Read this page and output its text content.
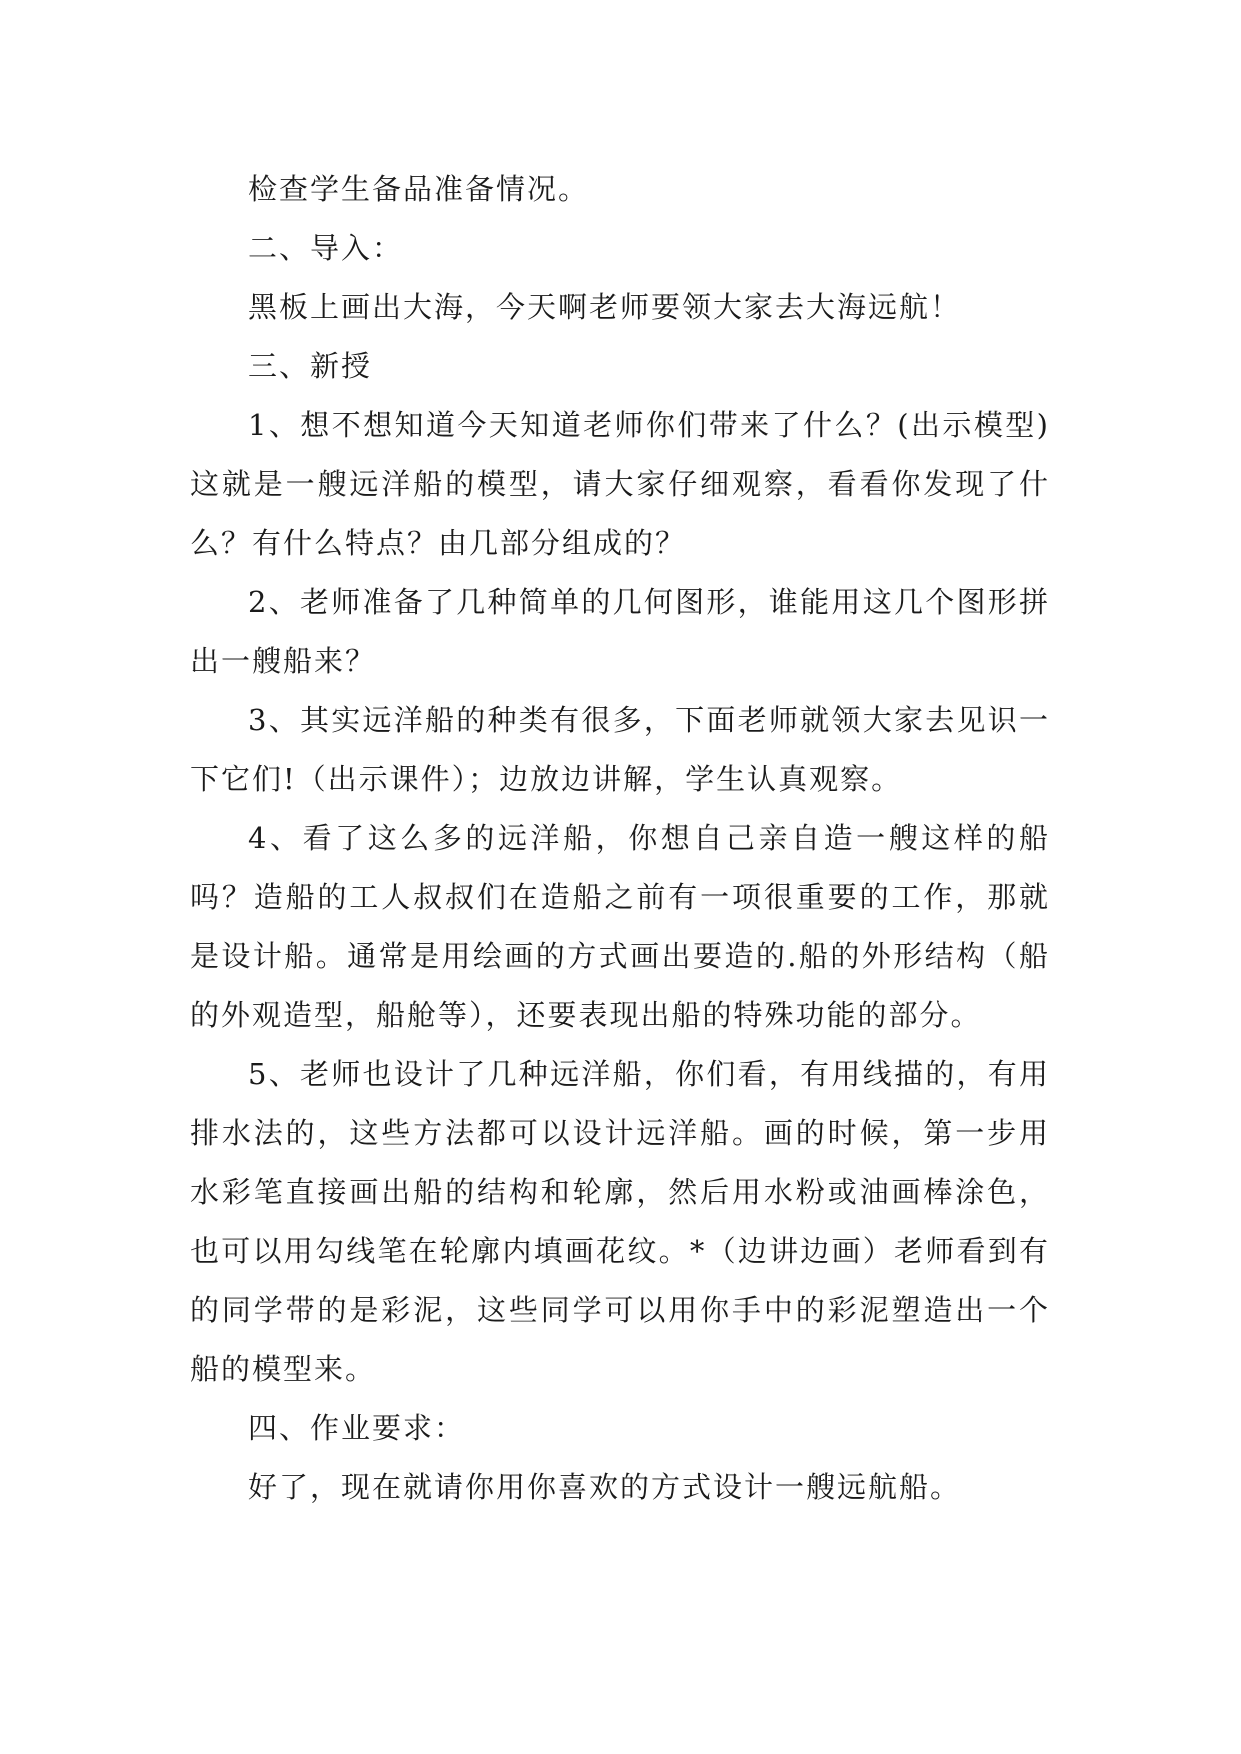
检查学生备品准备情况。

二、导入：

黑板上画出大海，今天啊老师要领大家去大海远航！

三、新授

1、想不想知道今天知道老师你们带来了什么？(出示模型)这就是一艘远洋船的模型，请大家仔细观察，看看你发现了什么？有什么特点？由几部分组成的？

2、老师准备了几种简单的几何图形，谁能用这几个图形拼出一艘船来？

3、其实远洋船的种类有很多，下面老师就领大家去见识一下它们!（出示课件）；边放边讲解，学生认真观察。

4、看了这么多的远洋船，你想自己亲自造一艘这样的船吗？造船的工人叔叔们在造船之前有一项很重要的工作，那就是设计船。通常是用绘画的方式画出要造的.船的外形结构（船的外观造型，船舱等），还要表现出船的特殊功能的部分。

5、老师也设计了几种远洋船，你们看，有用线描的，有用排水法的，这些方法都可以设计远洋船。画的时候，第一步用水彩笔直接画出船的结构和轮廓，然后用水粉或油画棒涂色，也可以用勾线笔在轮廓内填画花纹。*（边讲边画）老师看到有的同学带的是彩泥，这些同学可以用你手中的彩泥塑造出一个船的模型来。

四、作业要求：

好了，现在就请你用你喜欢的方式设计一艘远航船。
